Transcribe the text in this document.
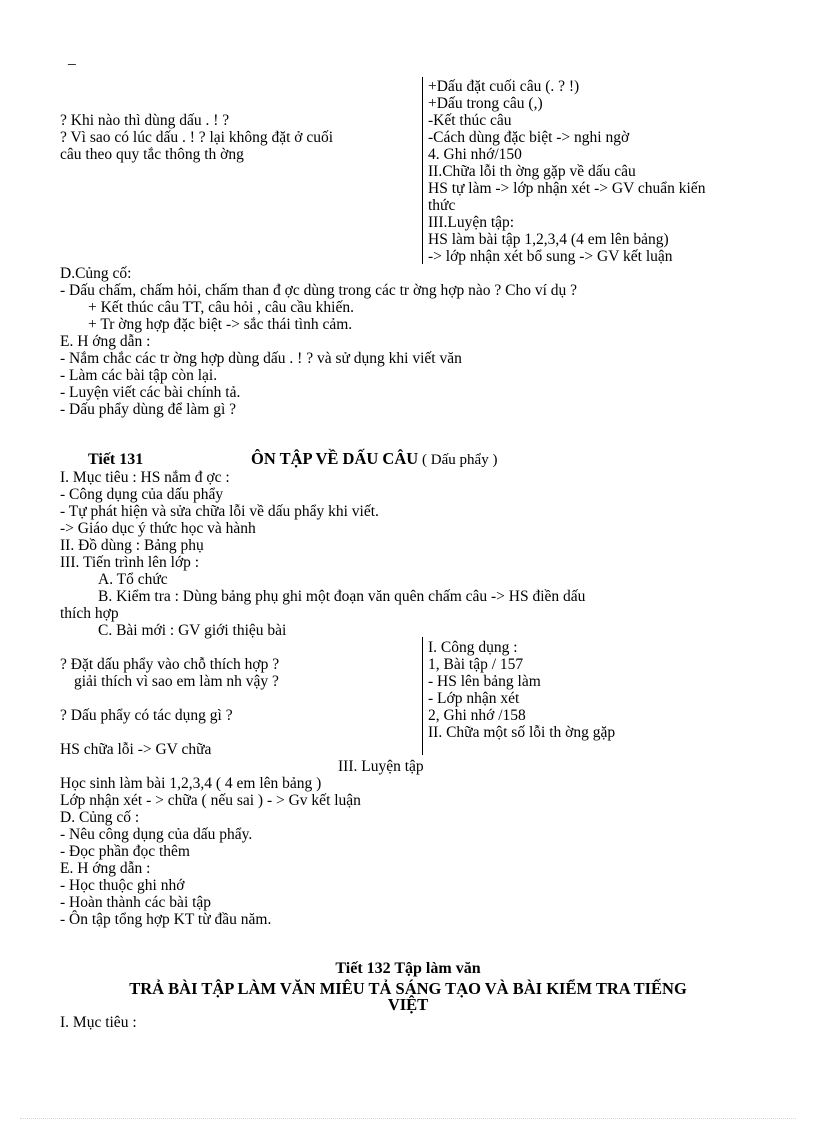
_
? Khi nào thì dùng dấu . ! ?
? Vì sao có lúc dấu . ! ? lại không đặt ở cuối
câu theo quy tắc thông th ờng
+Dấu đặt cuối câu (. ? !)
+Dấu trong câu (,)
-Kết thúc câu
-Cách dùng đặc biệt -> nghi ngờ
4. Ghi nhớ/150
II.Chữa lỗi th ờng gặp về dấu câu
HS tự làm -> lớp nhận xét -> GV chuẩn kiến
thức
III.Luyện tập:
HS làm bài tập 1,2,3,4 (4 em lên bảng)
-> lớp nhận xét bổ sung -> GV kết luận
D.Củng cố:
- Dấu chấm, chấm hỏi, chấm than đ ợc dùng trong các tr ờng hợp nào ? Cho ví dụ ?
+ Kết thúc câu TT, câu hỏi , câu cầu khiến.
+ Tr ờng hợp đặc biệt -> sắc thái tình cảm.
E. H ớng dẫn :
- Nắm chắc các tr ờng hợp dùng dấu . ! ? và sử dụng khi viết văn
- Làm các bài tập còn lại.
- Luyện viết các bài chính tả.
- Dấu phẩy dùng để làm gì ?
Tiết 131	ÔN TẬP VỀ DẤU CÂU ( Dấu phẩy )
I. Mục tiêu : HS nắm đ ợc :
- Công dụng của dấu phẩy
- Tự phát hiện và sửa chữa lỗi về dấu phẩy khi viết.
-> Giáo dục ý thức học và hành
II. Đồ dùng : Bảng phụ
III. Tiến trình lên lớp :
A. Tổ chức
B. Kiểm tra : Dùng bảng phụ ghi một đoạn văn quên chấm câu -> HS điền dấu
thích hợp
C. Bài mới : GV giới thiệu bài
? Đặt dấu phẩy vào chỗ thích hợp ?
giải thích vì sao em làm nh vậy ?
? Dấu phẩy có tác dụng gì ?
HS chữa lỗi -> GV chữa
I. Công dụng :
1, Bài tập / 157
- HS lên bảng làm
- Lớp nhận xét
2, Ghi nhớ /158
II. Chữa một số lỗi th ờng gặp
III. Luyện tập
Học sinh làm bài 1,2,3,4 ( 4 em lên bảng )
Lớp nhận xét - > chữa ( nếu sai ) - > Gv kết luận
D. Củng cố :
- Nêu công dụng của dấu phẩy.
- Đọc phần đọc thêm
E. H ớng dẫn :
- Học thuộc ghi nhớ
- Hoàn thành các bài tập
- Ôn tập tổng hợp KT từ đầu năm.
Tiết 132 Tập làm văn
TRẢ BÀI TẬP LÀM VĂN MIÊU TẢ SÁNG TẠO VÀ BÀI KIỂM TRA TIẾNG
VIỆT
I. Mục tiêu :
